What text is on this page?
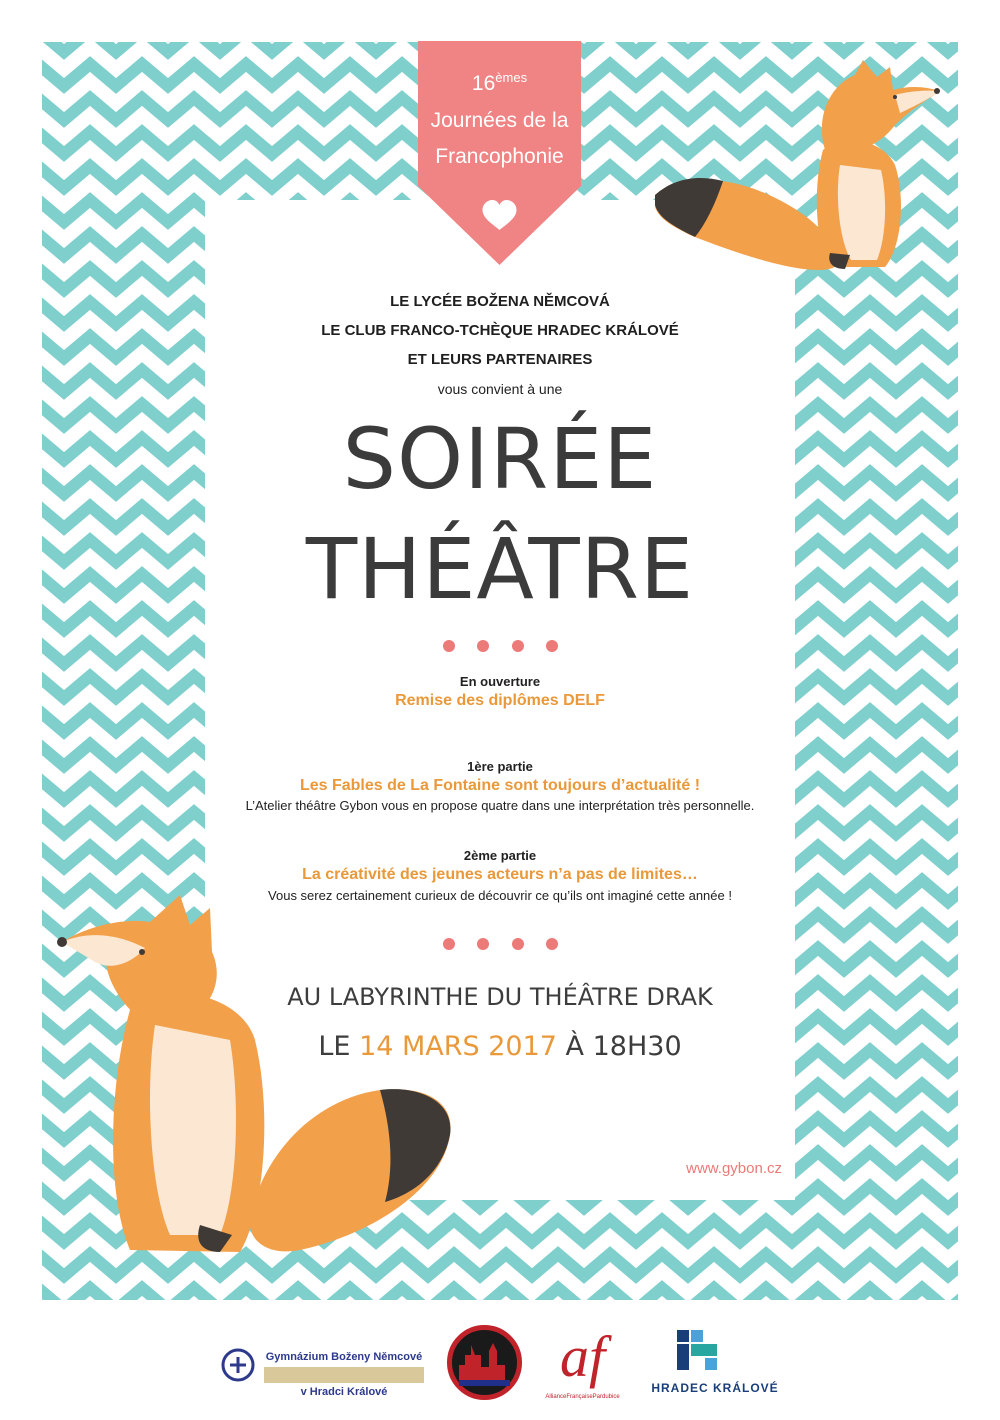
16èmes
Journées de la
Francophonie
LE LYCÉE BOŽENA NĚMCOVÁ
LE CLUB FRANCO-TCHÈQUE HRADEC KRÁLOVÉ
ET LEURS PARTENAIRES
vous convient à une
SOIRÉE
THÉÂTRE
En ouverture
Remise des diplômes DELF
1ère partie
Les Fables de La Fontaine sont toujours d’actualité !
L’Atelier théâtre Gybon vous en propose quatre dans une interprétation très personnelle.
2ème partie
La créativité des jeunes acteurs n’a pas de limites…
Vous serez certainement curieux de découvrir ce qu’ils ont imaginé cette année !
AU LABYRINTHE DU THÉÂTRE DRAK
LE 14 MARS 2017 À 18H30
www.gybon.cz
Gymnázium Boženy Němcové
v Hradci Králové
af
AllianceFrançaisePardubice
HRADEC KRÁLOVÉ
